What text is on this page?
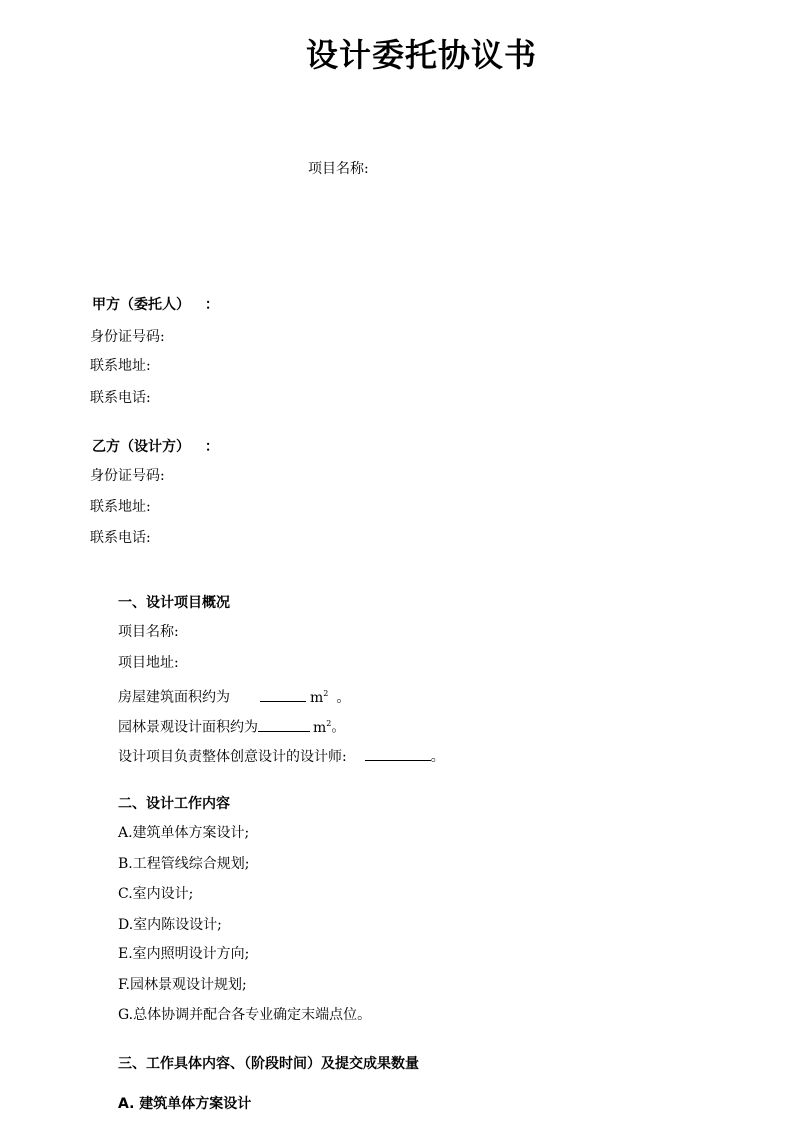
设计委托协议书
项目名称:
甲方（委托人） ：
身份证号码:
联系地址:
联系电话:
乙方（设计方） ：
身份证号码:
联系地址:
联系电话:
一、设计项目概况
项目名称:
项目地址:
房屋建筑面积约为	$m^2$ 。
园林景观设计面积约为	$m^2$。
设计项目负责整体创意设计的设计师:	。
二、设计工作内容
A.建筑单体方案设计;
B.工程管线综合规划;
C.室内设计;
D.室内陈设设计;
E.室内照明设计方向;
F.园林景观设计规划;
G.总体协调并配合各专业确定末端点位。
三、工作具体内容、（阶段时间）及提交成果数量
A. 建筑单体方案设计
